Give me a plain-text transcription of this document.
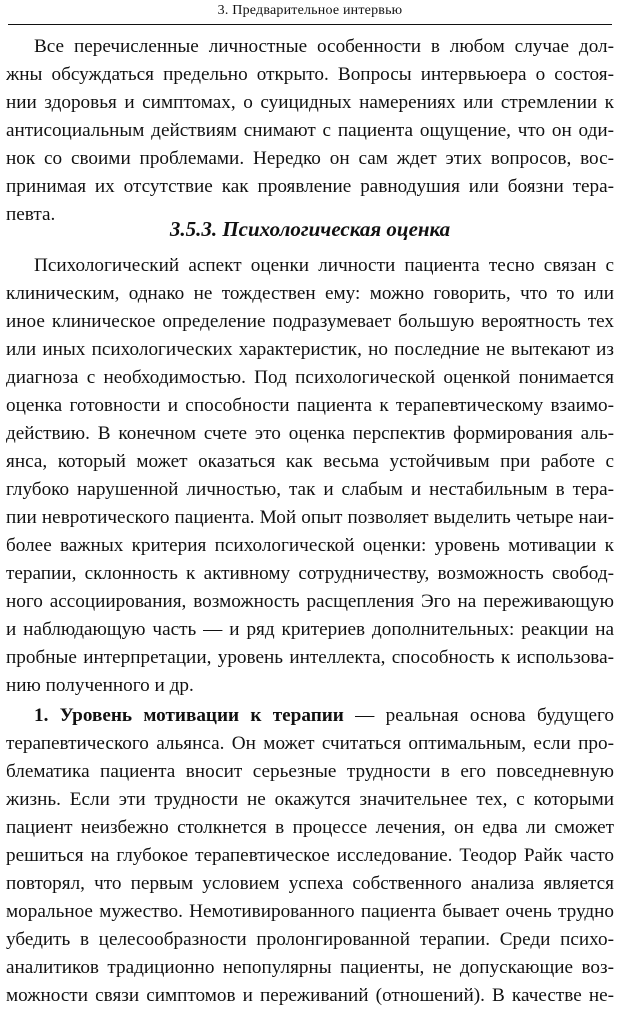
3. Предварительное интервью
Все перечисленные личностные особенности в любом случае дол-
жны обсуждаться предельно открыто. Вопросы интервьюера о состоя-
нии здоровья и симптомах, о суицидных намерениях или стремлении к
антисоциальным действиям снимают с пациента ощущение, что он оди-
нок со своими проблемами. Нередко он сам ждет этих вопросов, вос-
принимая их отсутствие как проявление равнодушия или боязни тера-
певта.
3.5.3. Психологическая оценка
Психологический аспект оценки личности пациента тесно связан с
клиническим, однако не тождествен ему: можно говорить, что то или
иное клиническое определение подразумевает большую вероятность тех
или иных психологических характеристик, но последние не вытекают из
диагноза с необходимостью. Под психологической оценкой понимается
оценка готовности и способности пациента к терапевтическому взаимо-
действию. В конечном счете это оценка перспектив формирования аль-
янса, который может оказаться как весьма устойчивым при работе с
глубоко нарушенной личностью, так и слабым и нестабильным в тера-
пии невротического пациента. Мой опыт позволяет выделить четыре наи-
более важных критерия психологической оценки: уровень мотивации к
терапии, склонность к активному сотрудничеству, возможность свобод-
ного ассоциирования, возможность расщепления Эго на переживающую
и наблюдающую часть — и ряд критериев дополнительных: реакции на
пробные интерпретации, уровень интеллекта, способность к использова-
нию полученного и др.
1. Уровень мотивации к терапии — реальная основа будущего
терапевтического альянса. Он может считаться оптимальным, если про-
блематика пациента вносит серьезные трудности в его повседневную
жизнь. Если эти трудности не окажутся значительнее тех, с которыми
пациент неизбежно столкнется в процессе лечения, он едва ли сможет
решиться на глубокое терапевтическое исследование. Теодор Райк часто
повторял, что первым условием успеха собственного анализа является
моральное мужество. Немотивированного пациента бывает очень трудно
убедить в целесообразности пролонгированной терапии. Среди психо-
аналитиков традиционно непопулярны пациенты, не допускающие воз-
можности связи симптомов и переживаний (отношений). В качестве не-
